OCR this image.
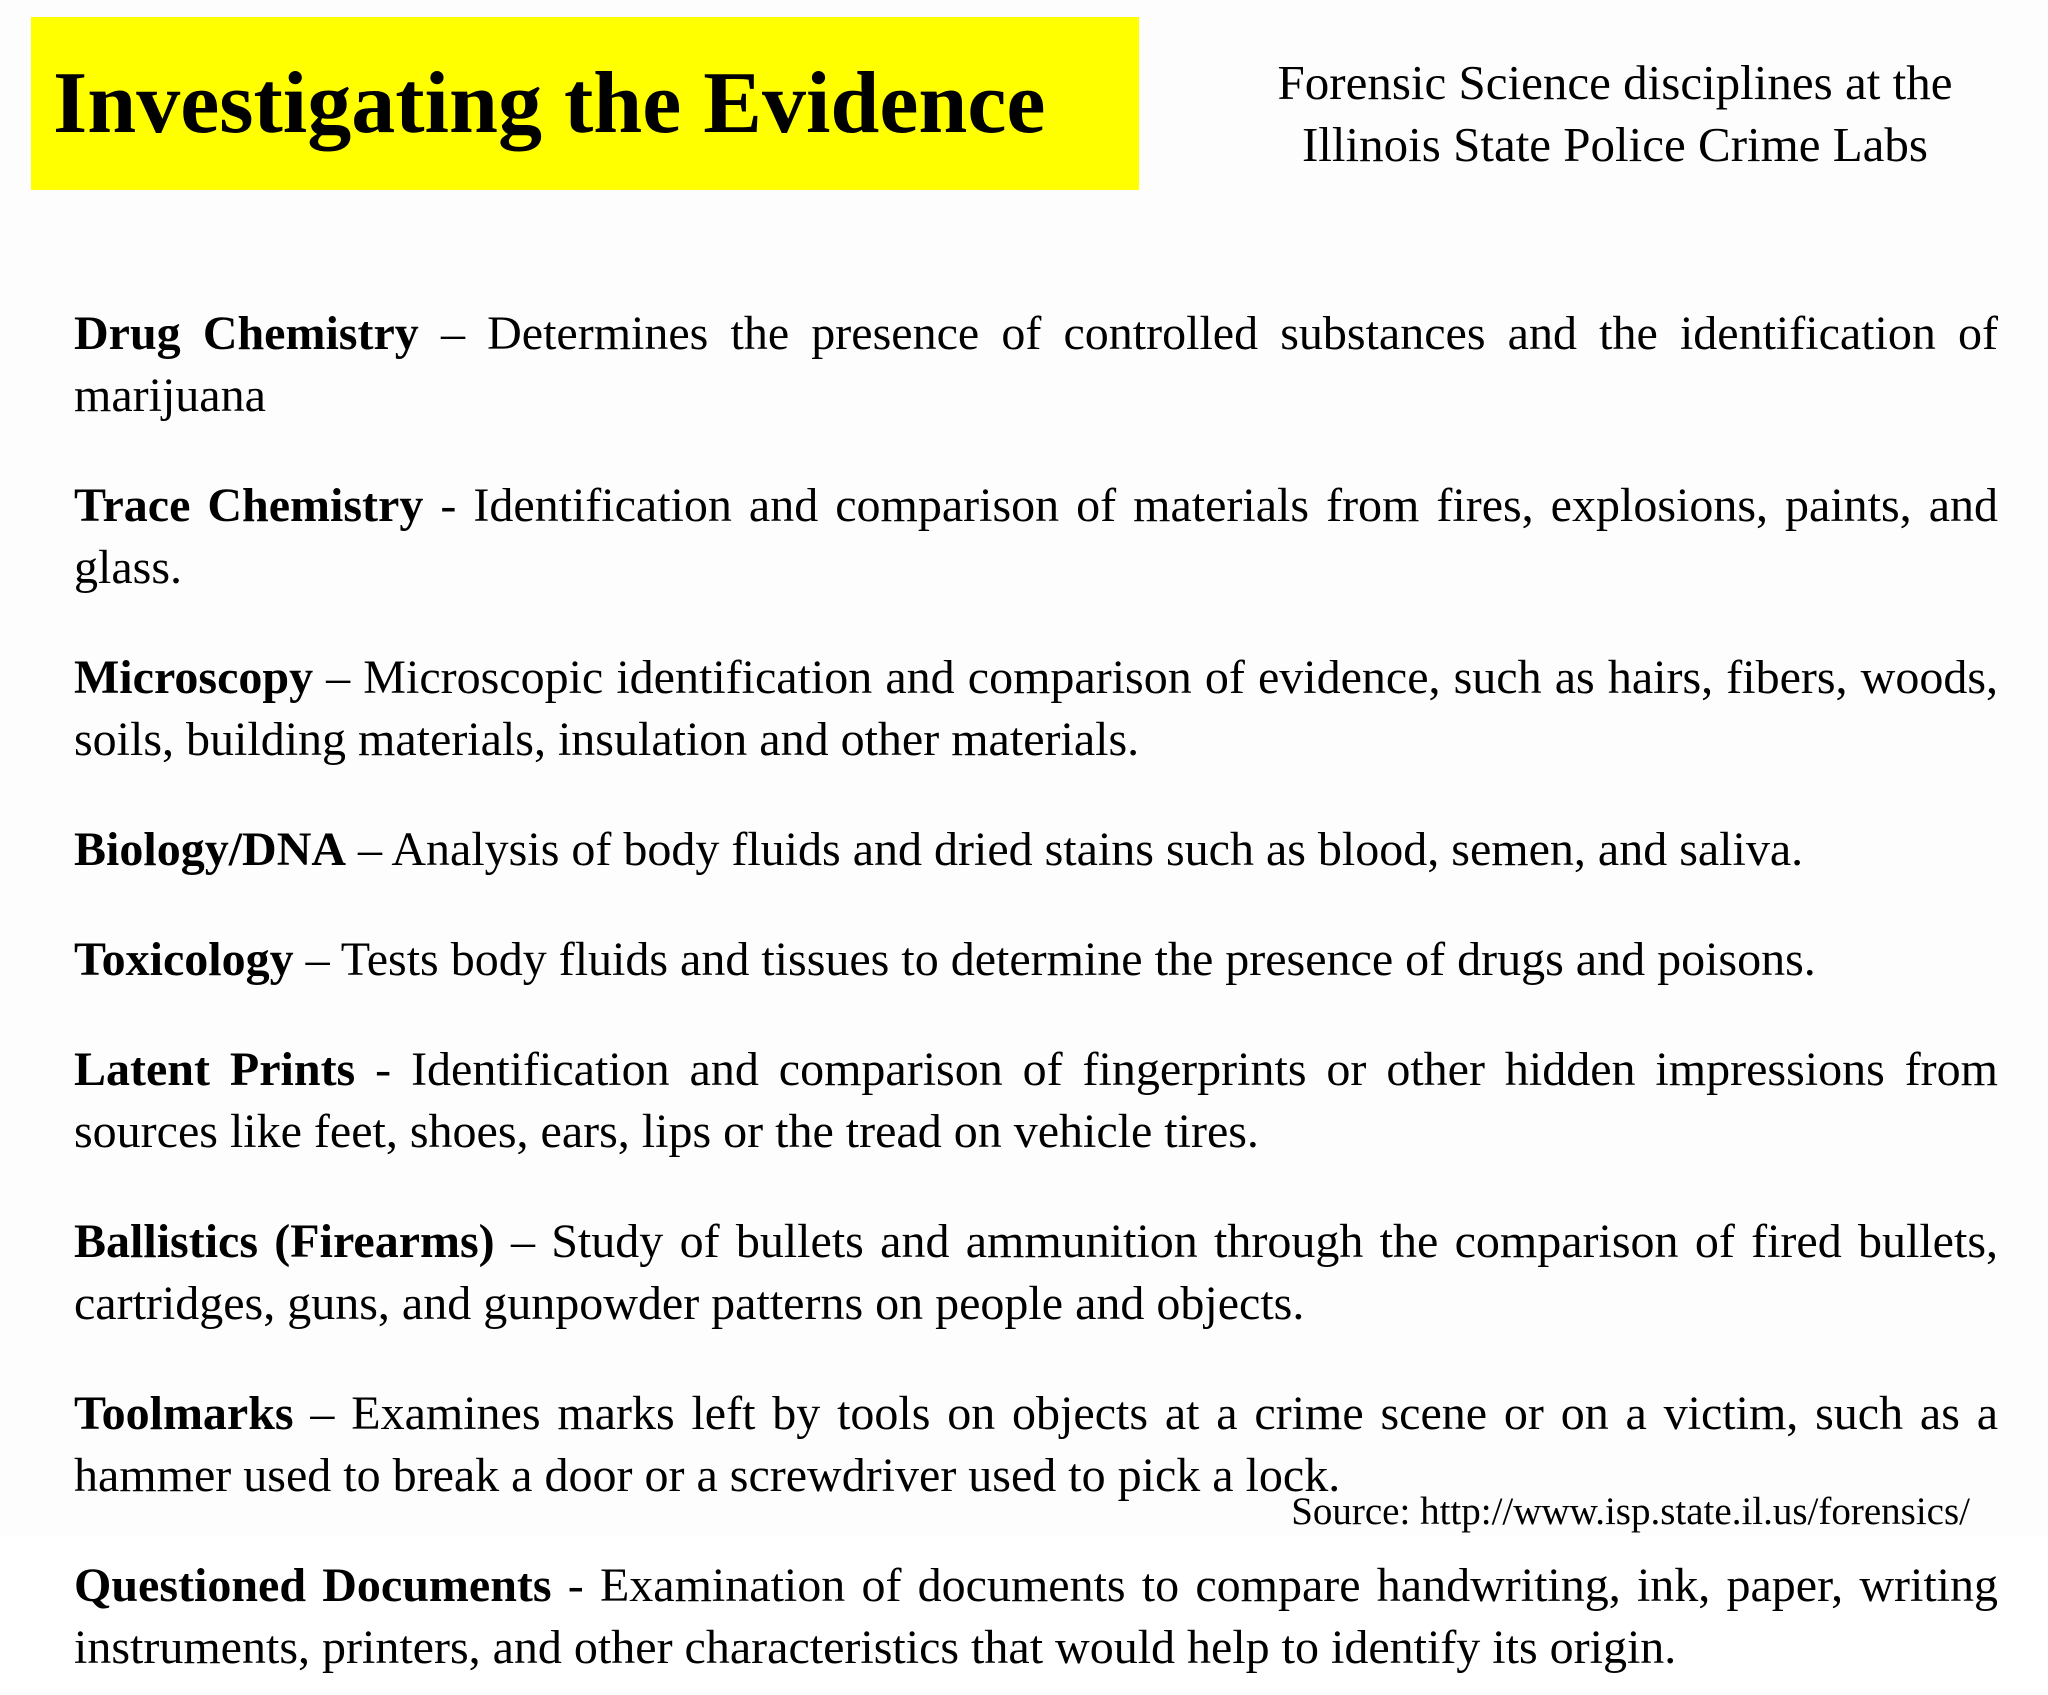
Investigating the Evidence	Forensic Science disciplines at the
Illinois State Police Crime Labs

Drug Chemistry – Determines the presence of controlled substances and the identification of marijuana

Trace Chemistry - Identification and comparison of materials from fires, explosions, paints, and glass.

Microscopy – Microscopic identification and comparison of evidence, such as hairs, fibers, woods, soils, building materials, insulation and other materials.

Biology/DNA – Analysis of body fluids and dried stains such as blood, semen, and saliva.

Toxicology – Tests body fluids and tissues to determine the presence of drugs and poisons.

Latent Prints - Identification and comparison of fingerprints or other hidden impressions from sources like feet, shoes, ears, lips or the tread on vehicle tires.

Ballistics (Firearms) – Study of bullets and ammunition through the comparison of fired bullets, cartridges, guns, and gunpowder patterns on people and objects.

Toolmarks – Examines marks left by tools on objects at a crime scene or on a victim, such as a hammer used to break a door or a screwdriver used to pick a lock.

Questioned Documents - Examination of documents to compare handwriting, ink, paper, writing instruments, printers, and other characteristics that would help to identify its origin.

Source: http://www.isp.state.il.us/forensics/
